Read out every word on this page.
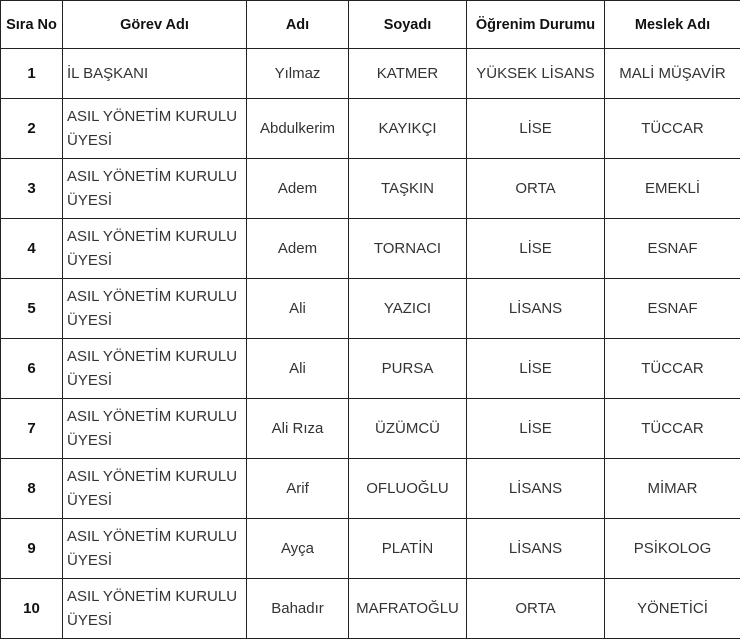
Sıra No	Görev Adı	Adı	Soyadı	Öğrenim Durumu	Meslek Adı
1	İL BAŞKANI	Yılmaz	KATMER	YÜKSEK LİSANS	MALİ MÜŞAVİR
2	ASIL YÖNETİM KURULU ÜYESİ	Abdulkerim	KAYIKÇI	LİSE	TÜCCAR
3	ASIL YÖNETİM KURULU ÜYESİ	Adem	TAŞKIN	ORTA	EMEKLİ
4	ASIL YÖNETİM KURULU ÜYESİ	Adem	TORNACI	LİSE	ESNAF
5	ASIL YÖNETİM KURULU ÜYESİ	Ali	YAZICI	LİSANS	ESNAF
6	ASIL YÖNETİM KURULU ÜYESİ	Ali	PURSA	LİSE	TÜCCAR
7	ASIL YÖNETİM KURULU ÜYESİ	Ali Rıza	ÜZÜMCÜ	LİSE	TÜCCAR
8	ASIL YÖNETİM KURULU ÜYESİ	Arif	OFLUOĞLU	LİSANS	MİMAR
9	ASIL YÖNETİM KURULU ÜYESİ	Ayça	PLATİN	LİSANS	PSİKOLOG
10	ASIL YÖNETİM KURULU ÜYESİ	Bahadır	MAFRATOĞLU	ORTA	YÖNETİCİ
